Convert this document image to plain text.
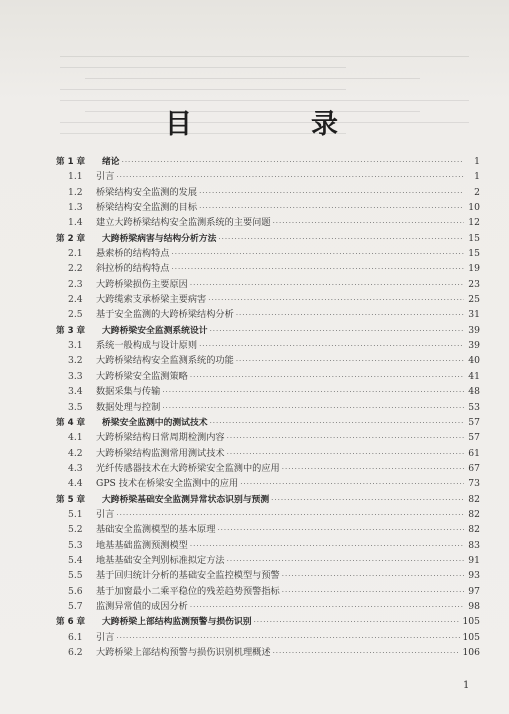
目　录
第 1 章	绪论 ·····	1
1.1	引言 ·····	1
1.2	桥梁结构安全监测的发展 ·····	2
1.3	桥梁结构安全监测的目标 ·····	10
1.4	建立大跨桥梁结构安全监测系统的主要问题 ·····	12
第 2 章	大跨桥梁病害与结构分析方法 ·····	15
2.1	悬索桥的结构特点 ·····	15
2.2	斜拉桥的结构特点 ·····	19
2.3	大跨桥梁损伤主要原因 ·····	23
2.4	大跨缆索支承桥梁主要病害 ·····	25
2.5	基于安全监测的大跨桥梁结构分析 ·····	31
第 3 章	大跨桥梁安全监测系统设计 ·····	39
3.1	系统一般构成与设计原则 ·····	39
3.2	大跨桥梁结构安全监测系统的功能 ·····	40
3.3	大跨桥梁安全监测策略 ·····	41
3.4	数据采集与传输 ·····	48
3.5	数据处理与控制 ·····	53
第 4 章	桥梁安全监测中的测试技术 ·····	57
4.1	大跨桥梁结构日常周期检测内容 ·····	57
4.2	大跨桥梁结构监测常用测试技术 ·····	61
4.3	光纤传感器技术在大跨桥梁安全监测中的应用 ·····	67
4.4	GPS 技术在桥梁安全监测中的应用 ·····	73
第 5 章	大跨桥梁基础安全监测异常状态识别与预测 ·····	82
5.1	引言 ·····	82
5.2	基础安全监测模型的基本原理 ·····	82
5.3	地基基础监测预测模型 ·····	83
5.4	地基基础安全判别标准拟定方法 ·····	91
5.5	基于回归统计分析的基础安全监控模型与预警 ·····	93
5.6	基于加窗最小二乘平稳位的残差趋势预警指标 ·····	97
5.7	监测异常值的成因分析 ·····	98
第 6 章	大跨桥梁上部结构监测预警与损伤识别 ·····	105
6.1	引言 ·····	105
6.2	大跨桥梁上部结构预警与损伤识别机理概述 ·····	106
1
